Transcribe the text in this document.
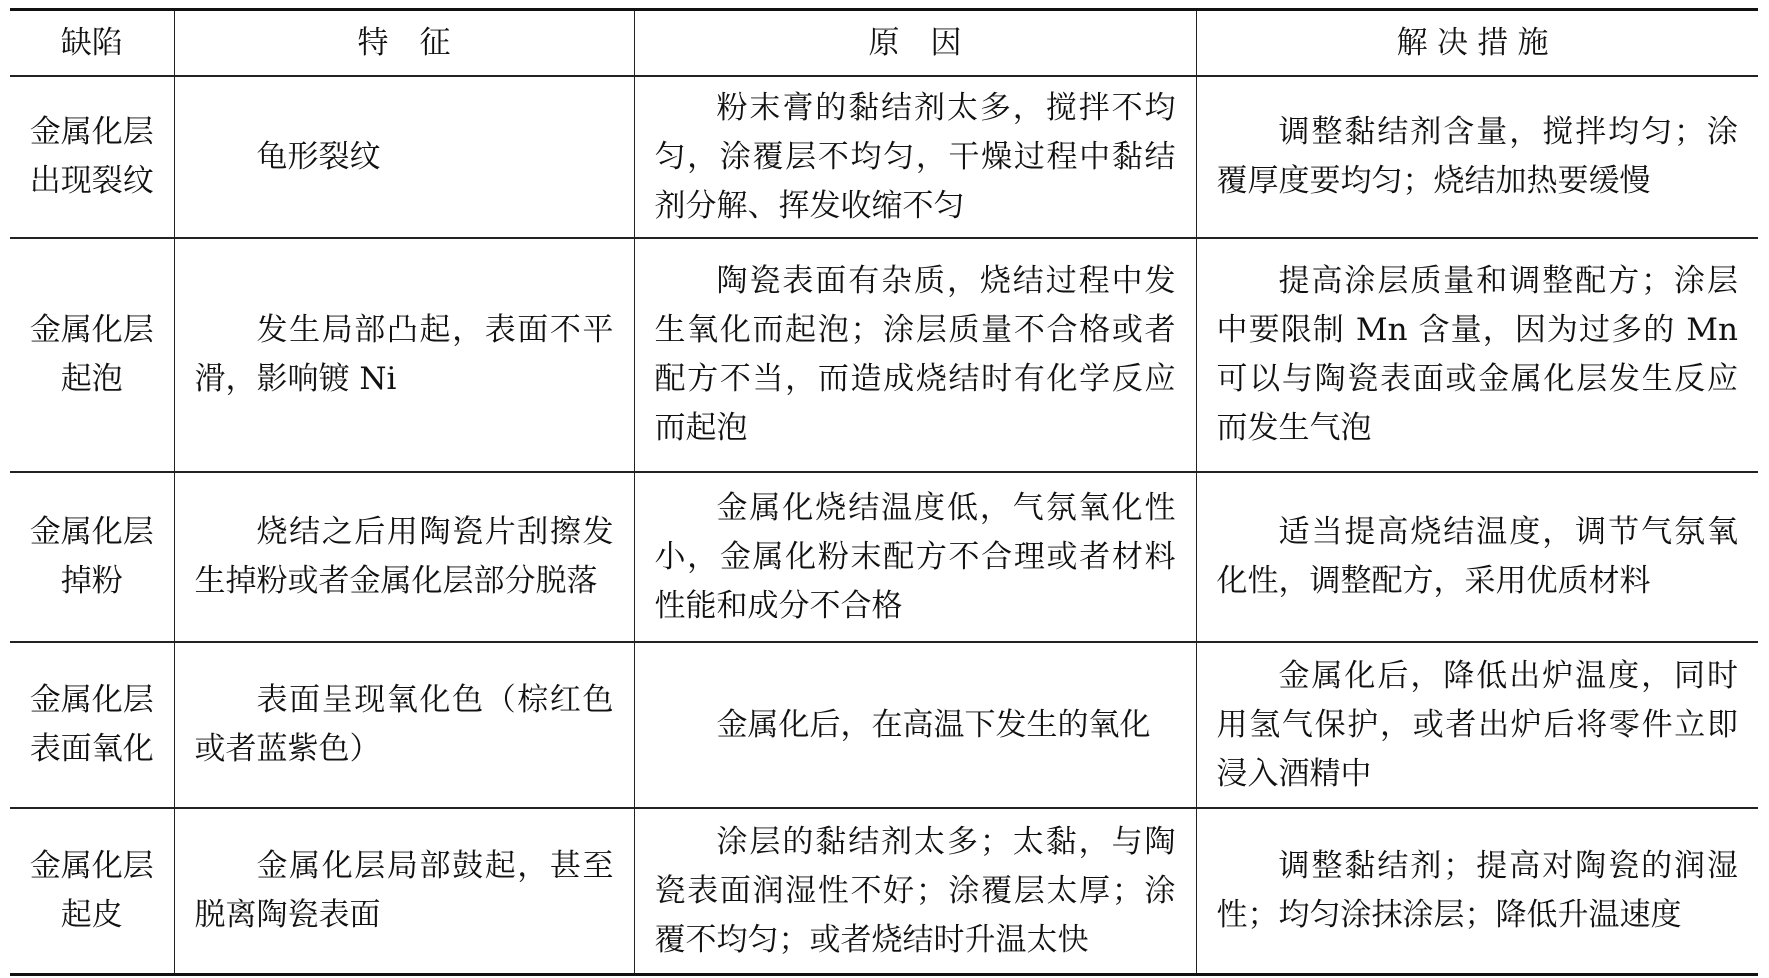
缺陷	特　征	原　因	解决措施
金属化层出现裂纹	龟形裂纹	粉末膏的黏结剂太多，搅拌不均匀，涂覆层不均匀，干燥过程中黏结剂分解、挥发收缩不匀	调整黏结剂含量，搅拌均匀；涂覆厚度要均匀；烧结加热要缓慢
金属化层起泡	发生局部凸起，表面不平滑，影响镀 Ni	陶瓷表面有杂质，烧结过程中发生氧化而起泡；涂层质量不合格或者配方不当，而造成烧结时有化学反应而起泡	提高涂层质量和调整配方；涂层中要限制 Mn 含量，因为过多的 Mn 可以与陶瓷表面或金属化层发生反应而发生气泡
金属化层掉粉	烧结之后用陶瓷片刮擦发生掉粉或者金属化层部分脱落	金属化烧结温度低，气氛氧化性小，金属化粉末配方不合理或者材料性能和成分不合格	适当提高烧结温度，调节气氛氧化性，调整配方，采用优质材料
金属化层表面氧化	表面呈现氧化色（棕红色或者蓝紫色）	金属化后，在高温下发生的氧化	金属化后，降低出炉温度，同时用氢气保护，或者出炉后将零件立即浸入酒精中
金属化层起皮	金属化层局部鼓起，甚至脱离陶瓷表面	涂层的黏结剂太多；太黏，与陶瓷表面润湿性不好；涂覆层太厚；涂覆不均匀；或者烧结时升温太快	调整黏结剂；提高对陶瓷的润湿性；均匀涂抹涂层；降低升温速度
